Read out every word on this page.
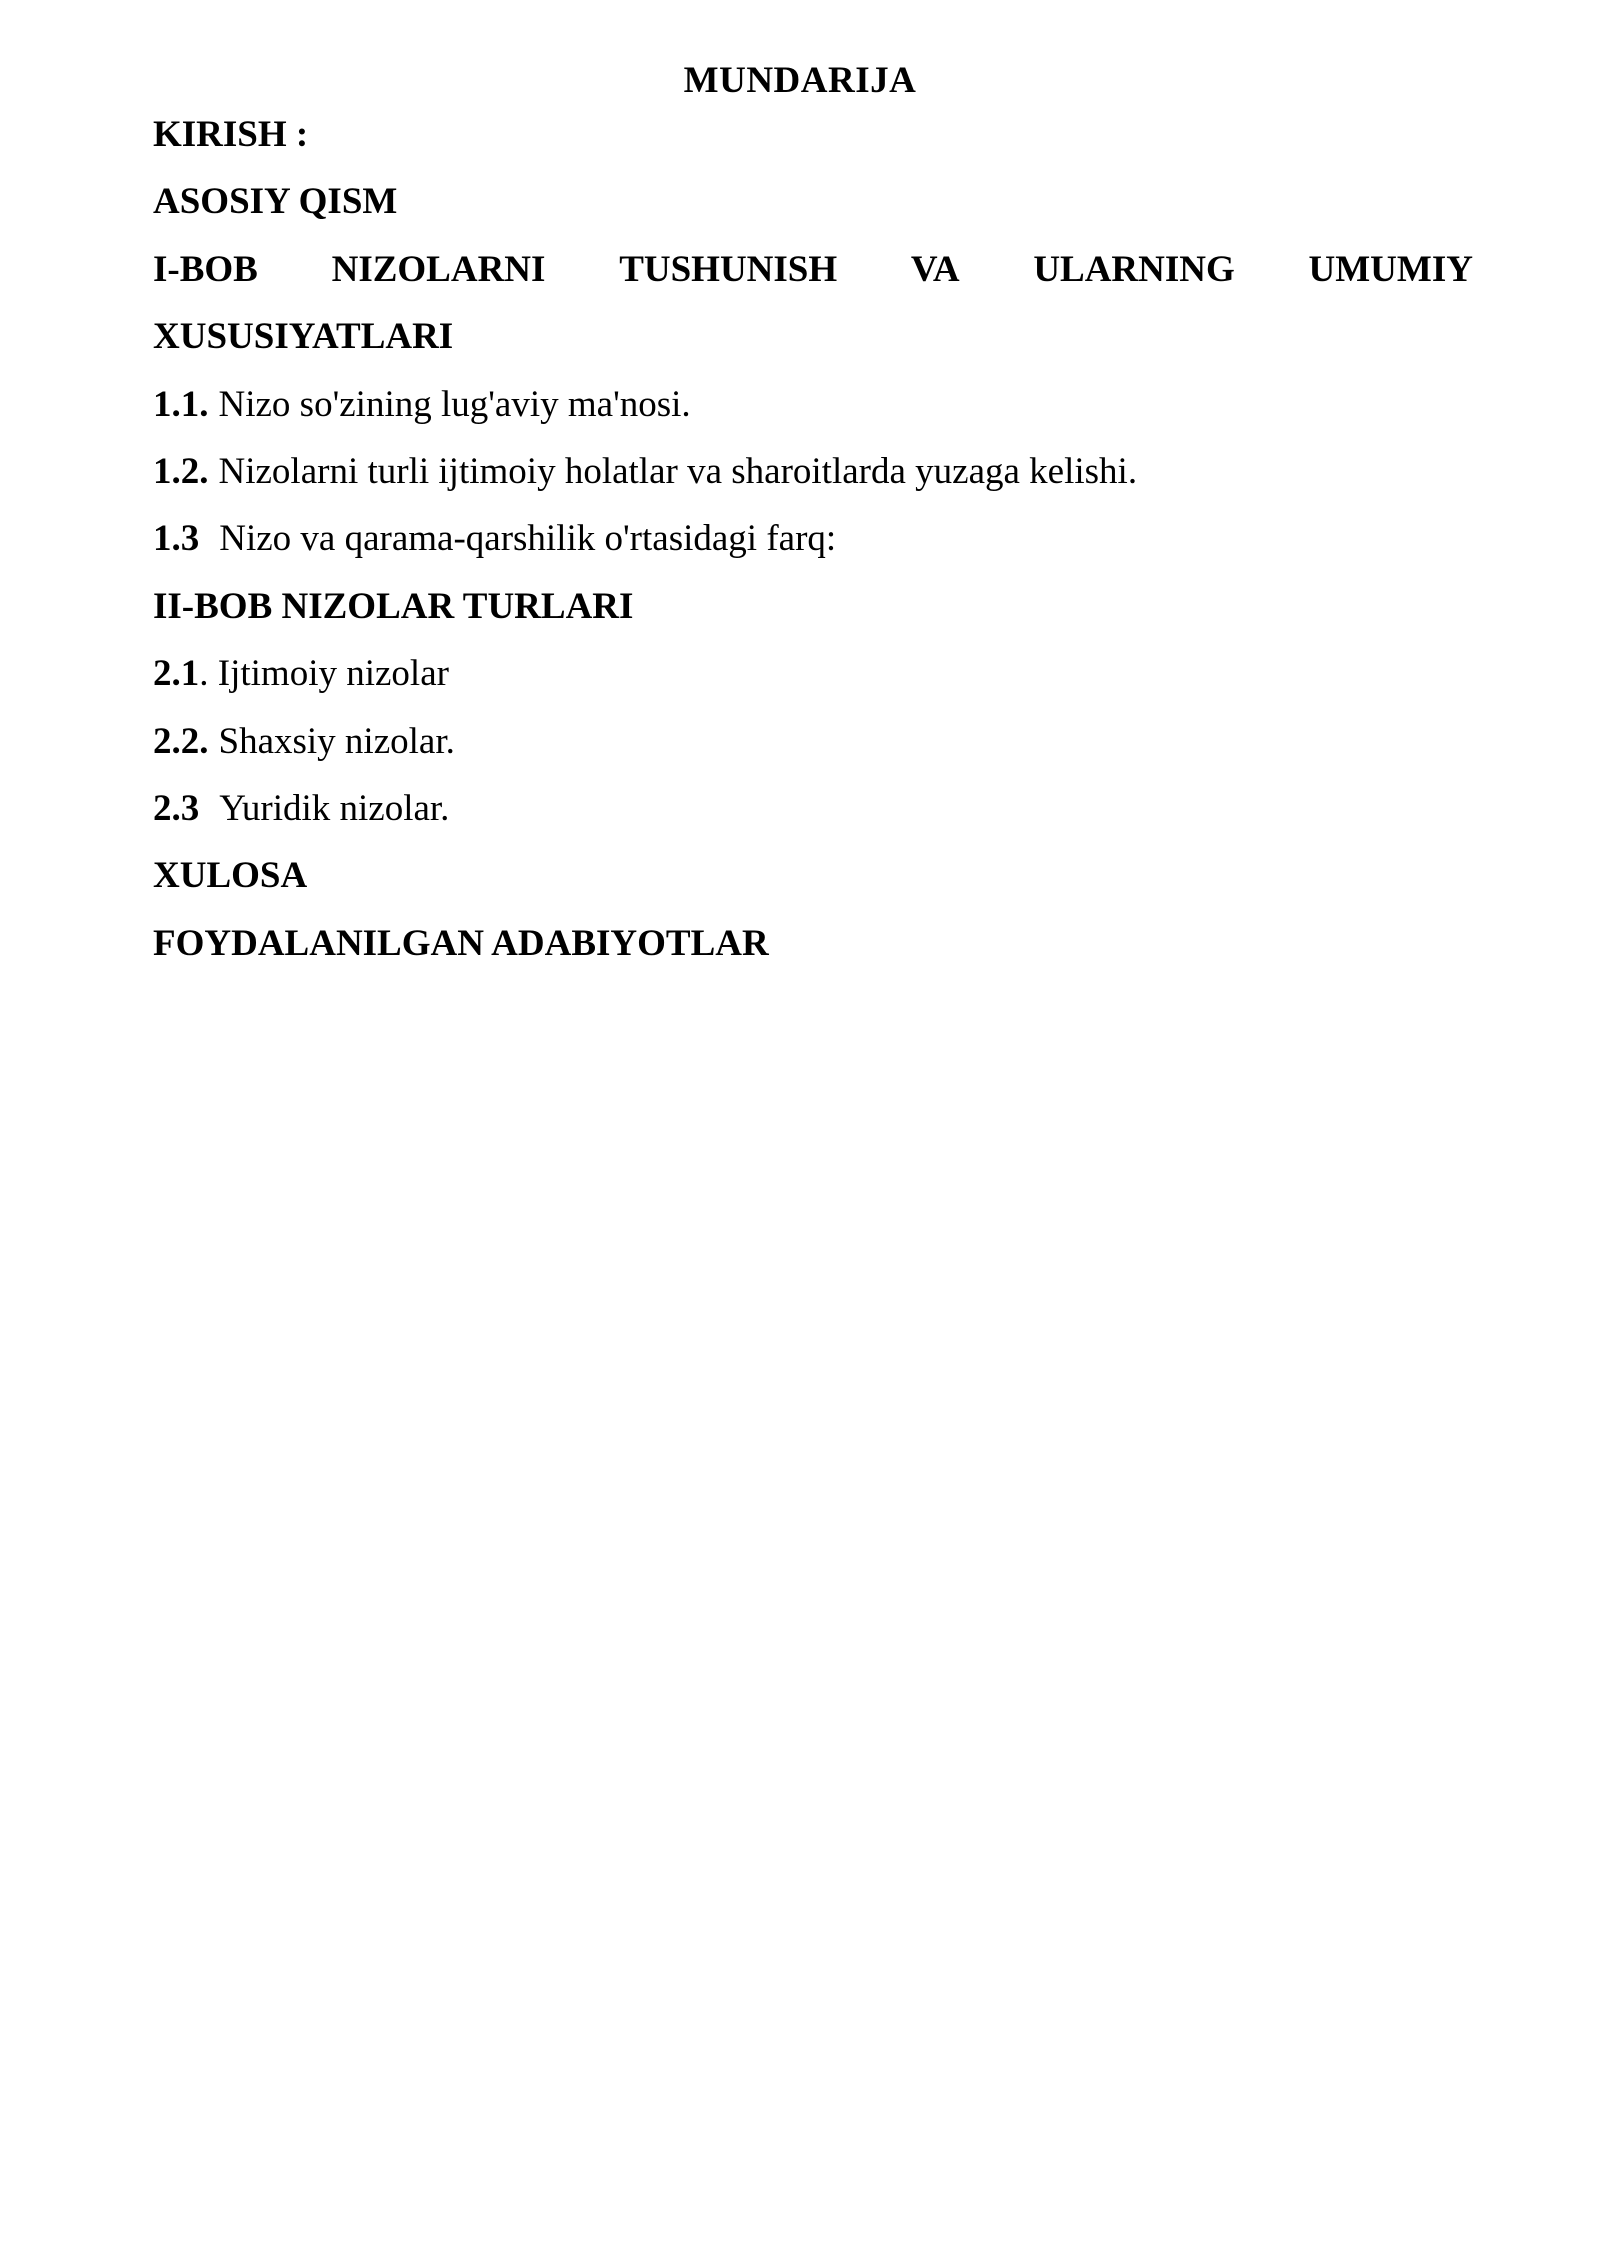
MUNDARIJA
KIRISH :
ASOSIY QISM
I-BOB NIZOLARNI TUSHUNISH VA ULARNING UMUMIY
XUSUSIYATLARI
1.1. Nizo so'zining lug'aviy ma'nosi.
1.2. Nizolarni turli ijtimoiy holatlar va sharoitlarda yuzaga kelishi.
1.3 Nizo va qarama-qarshilik o'rtasidagi farq:
II-BOB NIZOLAR TURLARI
2.1. Ijtimoiy nizolar
2.2. Shaxsiy nizolar.
2.3 Yuridik nizolar.
XULOSA
FOYDALANILGAN ADABIYOTLAR
